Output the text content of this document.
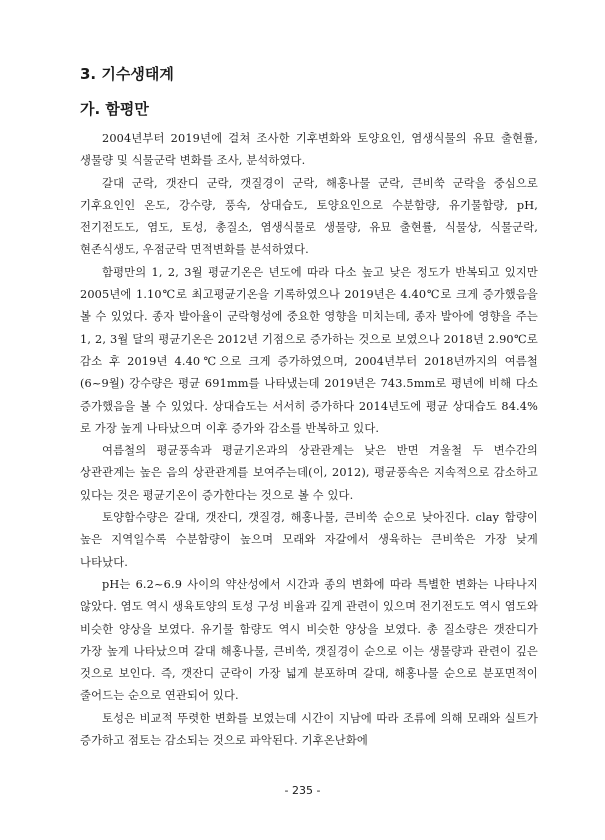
3. 기수생태계
가. 함평만

2004년부터 2019년에 걸쳐 조사한 기후변화와 토양요인, 염생식물의 유묘 출현률, 생물량 및 식물군락 변화를 조사, 분석하였다.

갈대 군락, 갯잔디 군락, 갯질경이 군락, 해홍나물 군락, 큰비쑥 군락을 중심으로 기후요인인 온도, 강수량, 풍속, 상대습도, 토양요인으로 수분함량, 유기물함량, pH, 전기전도도, 염도, 토성, 총질소, 염생식물로 생물량, 유묘 출현률, 식물상, 식물군락, 현존식생도, 우점군락 면적변화를 분석하였다.

함평만의 1, 2, 3월 평균기온은 년도에 따라 다소 높고 낮은 정도가 반복되고 있지만 2005년에 1.10℃로 최고평균기온을 기록하였으나 2019년은 4.40℃로 크게 증가했음을 볼 수 있었다. 종자 발아율이 군락형성에 중요한 영향을 미치는데, 종자 발아에 영향을 주는 1, 2, 3월 달의 평균기온은 2012년 기점으로 증가하는 것으로 보였으나 2018년 2.90℃로 감소 후 2019년 4.40℃으로 크게 증가하였으며, 2004년부터 2018년까지의 여름철(6~9월) 강수량은 평균 691mm를 나타냈는데 2019년은 743.5mm로 평년에 비해 다소 증가했음을 볼 수 있었다. 상대습도는 서서히 증가하다 2014년도에 평균 상대습도 84.4%로 가장 높게 나타났으며 이후 증가와 감소를 반복하고 있다.

여름철의 평균풍속과 평균기온과의 상관관계는 낮은 반면 겨울철 두 변수간의 상관관계는 높은 음의 상관관계를 보여주는데(이, 2012), 평균풍속은 지속적으로 감소하고 있다는 것은 평균기온이 증가한다는 것으로 볼 수 있다.

토양함수량은 갈대, 갯잔디, 갯질경, 해홍나물, 큰비쑥 순으로 낮아진다. clay 함량이 높은 지역일수록 수분함량이 높으며 모래와 자갈에서 생육하는 큰비쑥은 가장 낮게 나타났다.

pH는 6.2~6.9 사이의 약산성에서 시간과 종의 변화에 따라 특별한 변화는 나타나지 않았다. 염도 역시 생육토양의 토성 구성 비율과 깊게 관련이 있으며 전기전도도 역시 염도와 비슷한 양상을 보였다. 유기물 함량도 역시 비슷한 양상을 보였다. 총 질소량은 갯잔디가 가장 높게 나타났으며 갈대 해홍나물, 큰비쑥, 갯질경이 순으로 이는 생물량과 관련이 깊은 것으로 보인다. 즉, 갯잔디 군락이 가장 넓게 분포하며 갈대, 해홍나물 순으로 분포면적이 줄어드는 순으로 연관되어 있다.

토성은 비교적 뚜렷한 변화를 보였는데 시간이 지남에 따라 조류에 의해 모래와 실트가 증가하고 점토는 감소되는 것으로 파악된다. 기후온난화에

- 235 -
